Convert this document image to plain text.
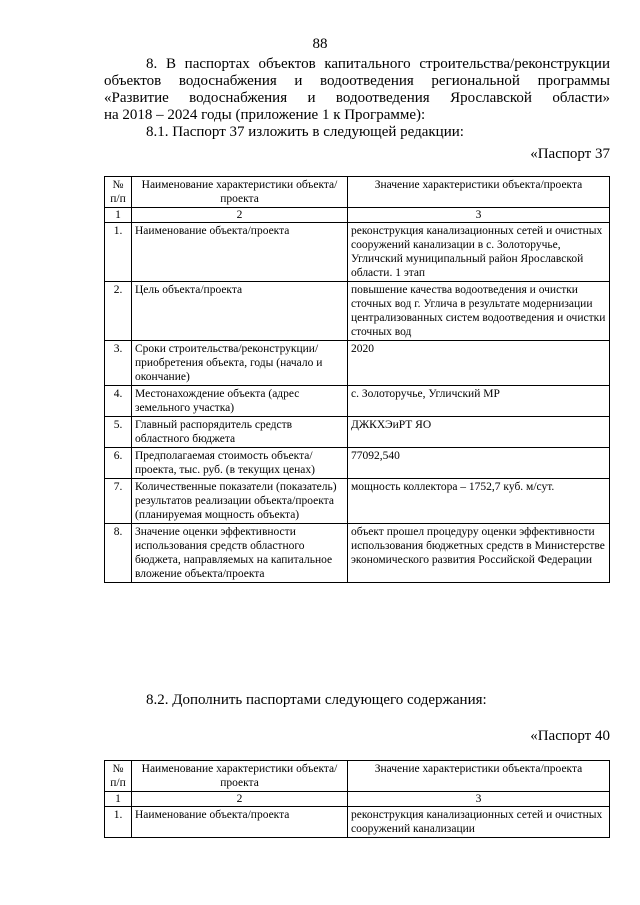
88
8. В паспортах объектов капитального строительства/реконструкции
объектов водоснабжения и водоотведения региональной программы
«Развитие водоснабжения и водоотведения Ярославской области»
на 2018 – 2024 годы (приложение 1 к Программе):
8.1. Паспорт 37 изложить в следующей редакции:
«Паспорт 37
№ п/п	Наименование характеристики объекта/проекта	Значение характеристики объекта/проекта
1	2	3
1.	Наименование объекта/проекта	реконструкция канализационных сетей и очистных сооружений канализации в с. Золоторучье, Угличский муниципальный район Ярославской области. 1 этап
2.	Цель объекта/проекта	повышение качества водоотведения и очистки сточных вод г. Углича в результате модернизации централизованных систем водоотведения и очистки сточных вод
3.	Сроки строительства/реконструкции/приобретения объекта, годы (начало и окончание)	2020
4.	Местонахождение объекта (адрес земельного участка)	с. Золоторучье, Угличский МР
5.	Главный распорядитель средств областного бюджета	ДЖКХЭиРТ ЯО
6.	Предполагаемая стоимость объекта/проекта, тыс. руб. (в текущих ценах)	77092,540
7.	Количественные показатели (показатель) результатов реализации объекта/проекта (планируемая мощность объекта)	мощность коллектора – 1752,7 куб. м/сут.
8.	Значение оценки эффективности использования средств областного бюджета, направляемых на капитальное вложение объекта/проекта	объект прошел процедуру оценки эффективности использования бюджетных средств в Министерстве экономического развития Российской Федерации
8.2. Дополнить паспортами следующего содержания:
«Паспорт 40
№ п/п	Наименование характеристики объекта/проекта	Значение характеристики объекта/проекта
1	2	3
1.	Наименование объекта/проекта	реконструкция канализационных сетей и очистных сооружений канализации
